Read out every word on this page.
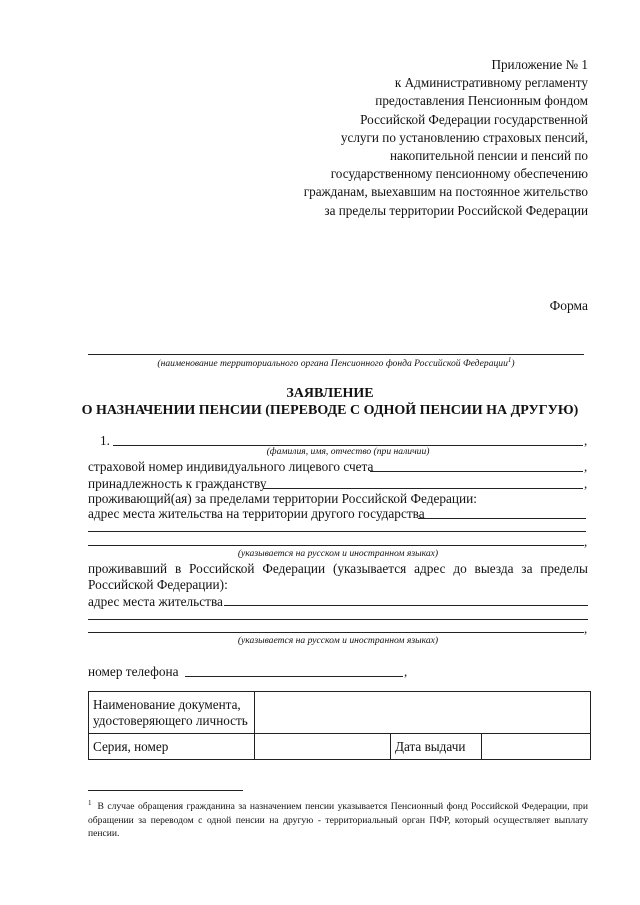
Приложение № 1
к Административному регламенту
предоставления Пенсионным фондом
Российской Федерации государственной
услуги по установлению страховых пенсий,
накопительной пенсии и пенсий по
государственному пенсионному обеспечению
гражданам, выехавшим на постоянное жительство
за пределы территории Российской Федерации
Форма
(наименование территориального органа Пенсионного фонда Российской Федерации$^1$)
ЗАЯВЛЕНИЕ
О НАЗНАЧЕНИИ ПЕНСИИ (ПЕРЕВОДЕ С ОДНОЙ ПЕНСИИ НА ДРУГУЮ)
1.	,
(фамилия, имя, отчество (при наличии)
страховой номер индивидуального лицевого счета	,
принадлежность к гражданству	,
проживающий(ая) за пределами территории Российской Федерации:
адрес места жительства на территории другого государства
,
(указывается на русском и иностранном языках)
проживавший в Российской Федерации (указывается адрес до выезда за пределы Российской Федерации):
адрес места жительства
,
(указывается на русском и иностранном языках)
номер телефона	,
Наименование документа, удостоверяющего личность			
Серия, номер		Дата выдачи	
$^1$ В случае обращения гражданина за назначением пенсии указывается Пенсионный фонд Российской Федерации, при обращении за переводом с одной пенсии на другую - территориальный орган ПФР, который осуществляет выплату пенсии.
